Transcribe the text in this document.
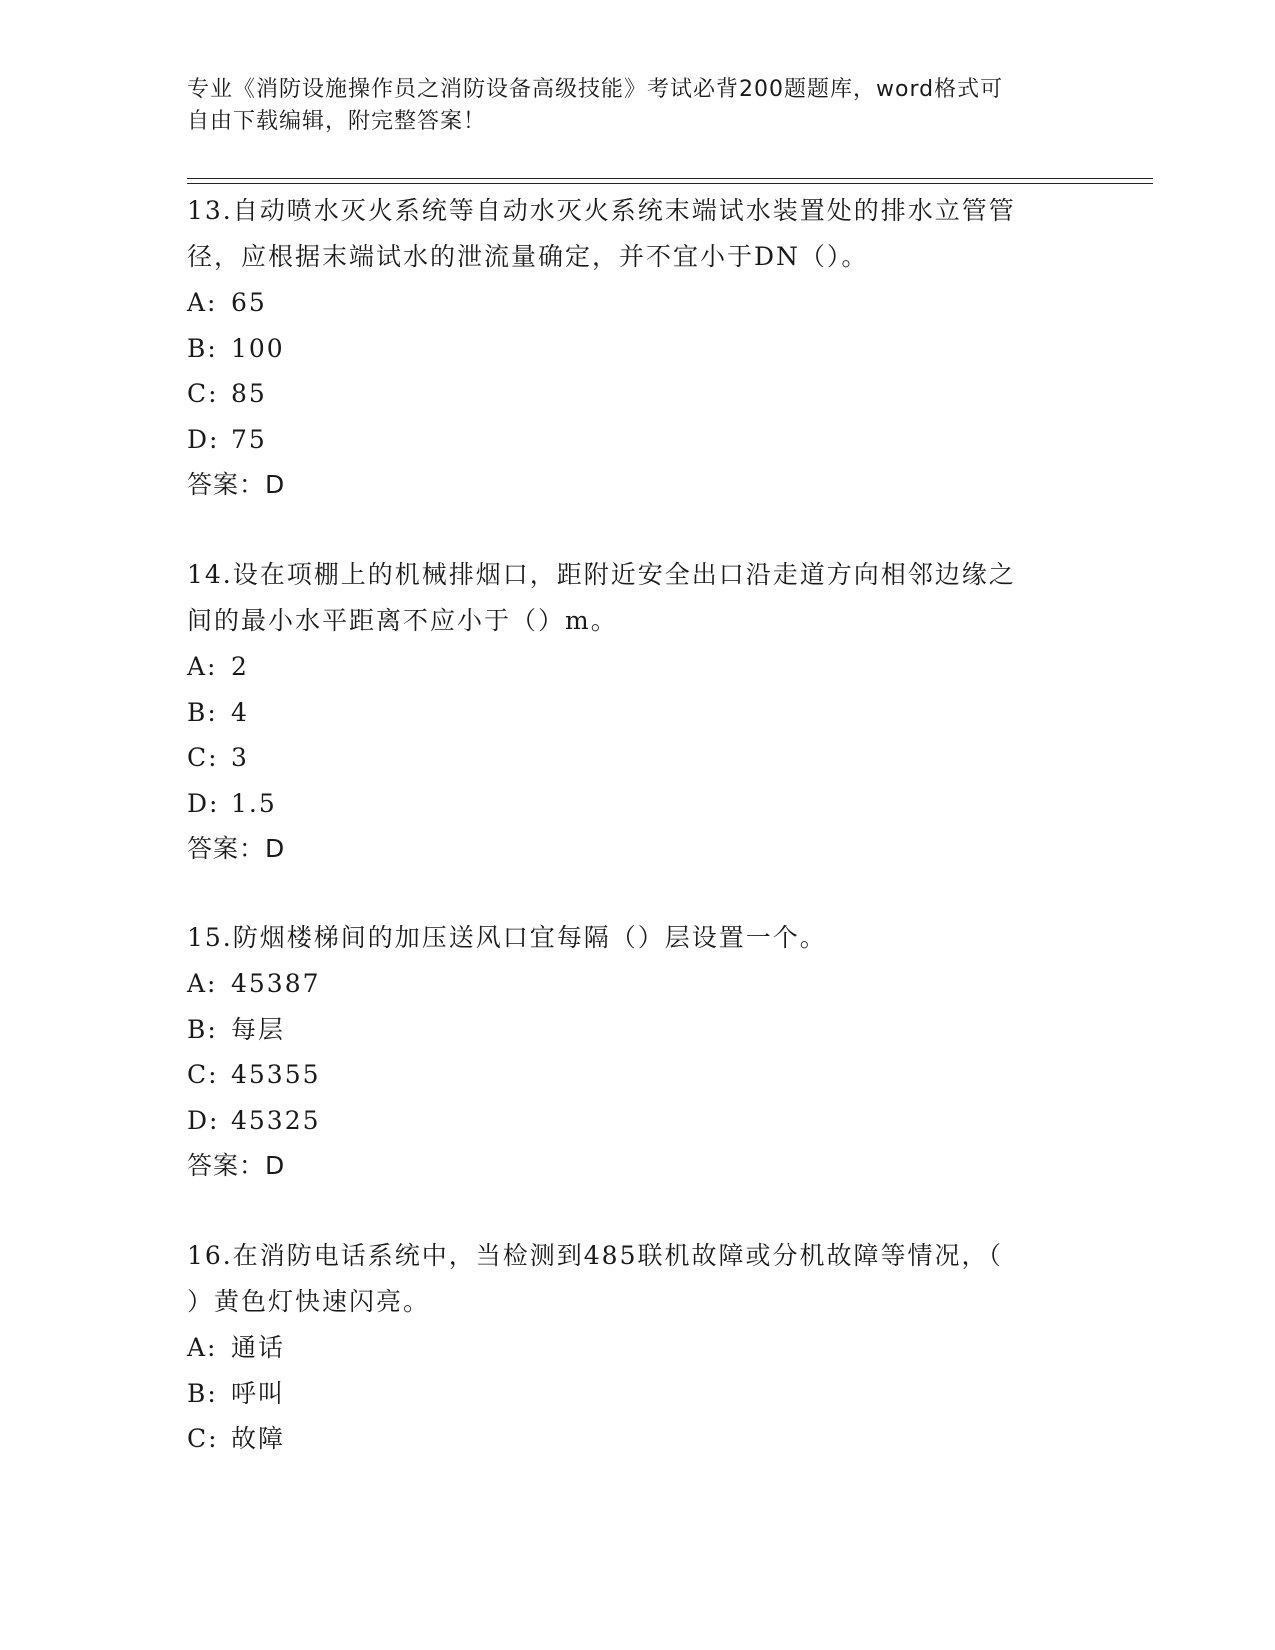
专业《消防设施操作员之消防设备高级技能》考试必背200题题库，word格式可
自由下载编辑，附完整答案！
13.自动喷水灭火系统等自动水灭火系统末端试水装置处的排水立管管
径，应根据末端试水的泄流量确定，并不宜小于DN（）。
A: 65
B: 100
C: 85
D: 75
答案：D
14.设在项棚上的机械排烟口，距附近安全出口沿走道方向相邻边缘之
间的最小水平距离不应小于（）m。
A: 2
B: 4
C: 3
D: 1.5
答案：D
15.防烟楼梯间的加压送风口宜每隔（）层设置一个。
A: 45387
B: 每层
C: 45355
D: 45325
答案：D
16.在消防电话系统中，当检测到485联机故障或分机故障等情况，（
）黄色灯快速闪亮。
A: 通话
B: 呼叫
C: 故障
